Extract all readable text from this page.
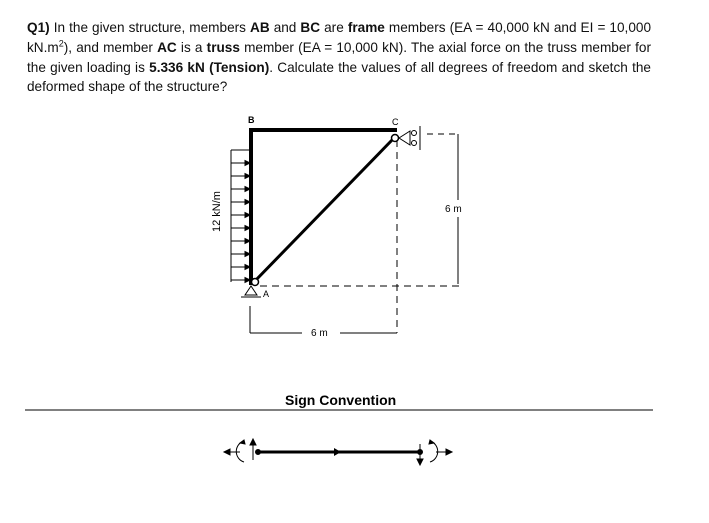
Q1) In the given structure, members AB and BC are frame members (EA = 40,000 kN and EI = 10,000 $kN.m^2$), and member AC is a truss member (EA = 10,000 kN). The axial force on the truss member for the given loading is 5.336 kN (Tension). Calculate the values of all degrees of freedom and sketch the deformed shape of the structure?
12 kN/m
B	C
A
6 m
6 m
Sign Convention
